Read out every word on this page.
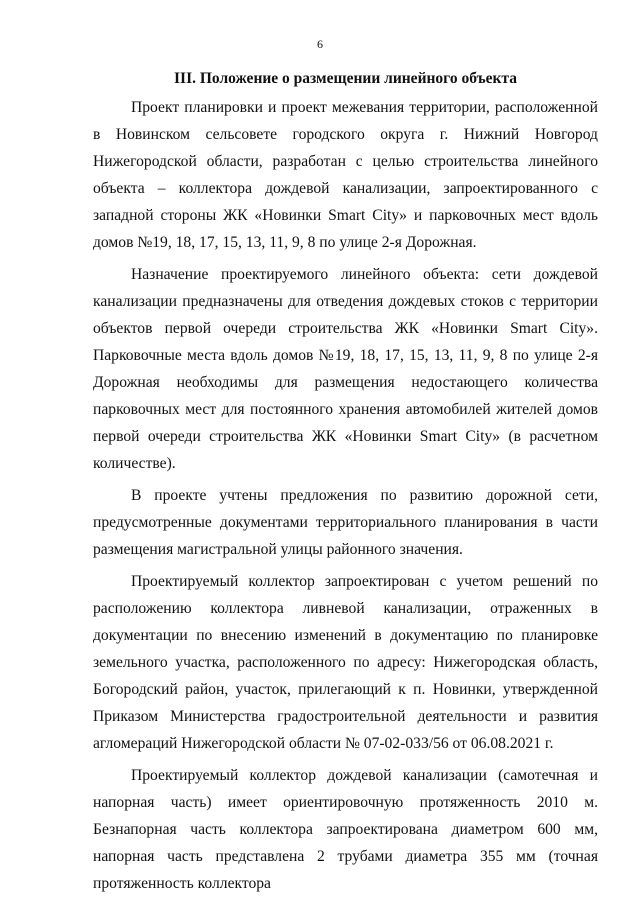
6
III. Положение о размещении линейного объекта

Проект планировки и проект межевания территории, расположенной в Новинском сельсовете городского округа г. Нижний Новгород Нижегородской области, разработан с целью строительства линейного объекта – коллектора дождевой канализации, запроектированного с западной стороны ЖК «Новинки Smart City» и парковочных мест вдоль домов №19, 18, 17, 15, 13, 11, 9, 8 по улице 2-я Дорожная.

Назначение проектируемого линейного объекта: сети дождевой канализации предназначены для отведения дождевых стоков с территории объектов первой очереди строительства ЖК «Новинки Smart City». Парковочные места вдоль домов №19, 18, 17, 15, 13, 11, 9, 8 по улице 2-я Дорожная необходимы для размещения недостающего количества парковочных мест для постоянного хранения автомобилей жителей домов первой очереди строительства ЖК «Новинки Smart City» (в расчетном количестве).

В проекте учтены предложения по развитию дорожной сети, предусмотренные документами территориального планирования в части размещения магистральной улицы районного значения.

Проектируемый коллектор запроектирован с учетом решений по расположению коллектора ливневой канализации, отраженных в документации по внесению изменений в документацию по планировке земельного участка, расположенного по адресу: Нижегородская область, Богородский район, участок, прилегающий к п. Новинки, утвержденной Приказом Министерства градостроительной деятельности и развития агломераций Нижегородской области № 07-02-033/56 от 06.08.2021 г.

Проектируемый коллектор дождевой канализации (самотечная и напорная часть) имеет ориентировочную протяженность 2010 м. Безнапорная часть коллектора запроектирована диаметром 600 мм, напорная часть представлена 2 трубами диаметра 355 мм (точная протяженность коллектора
